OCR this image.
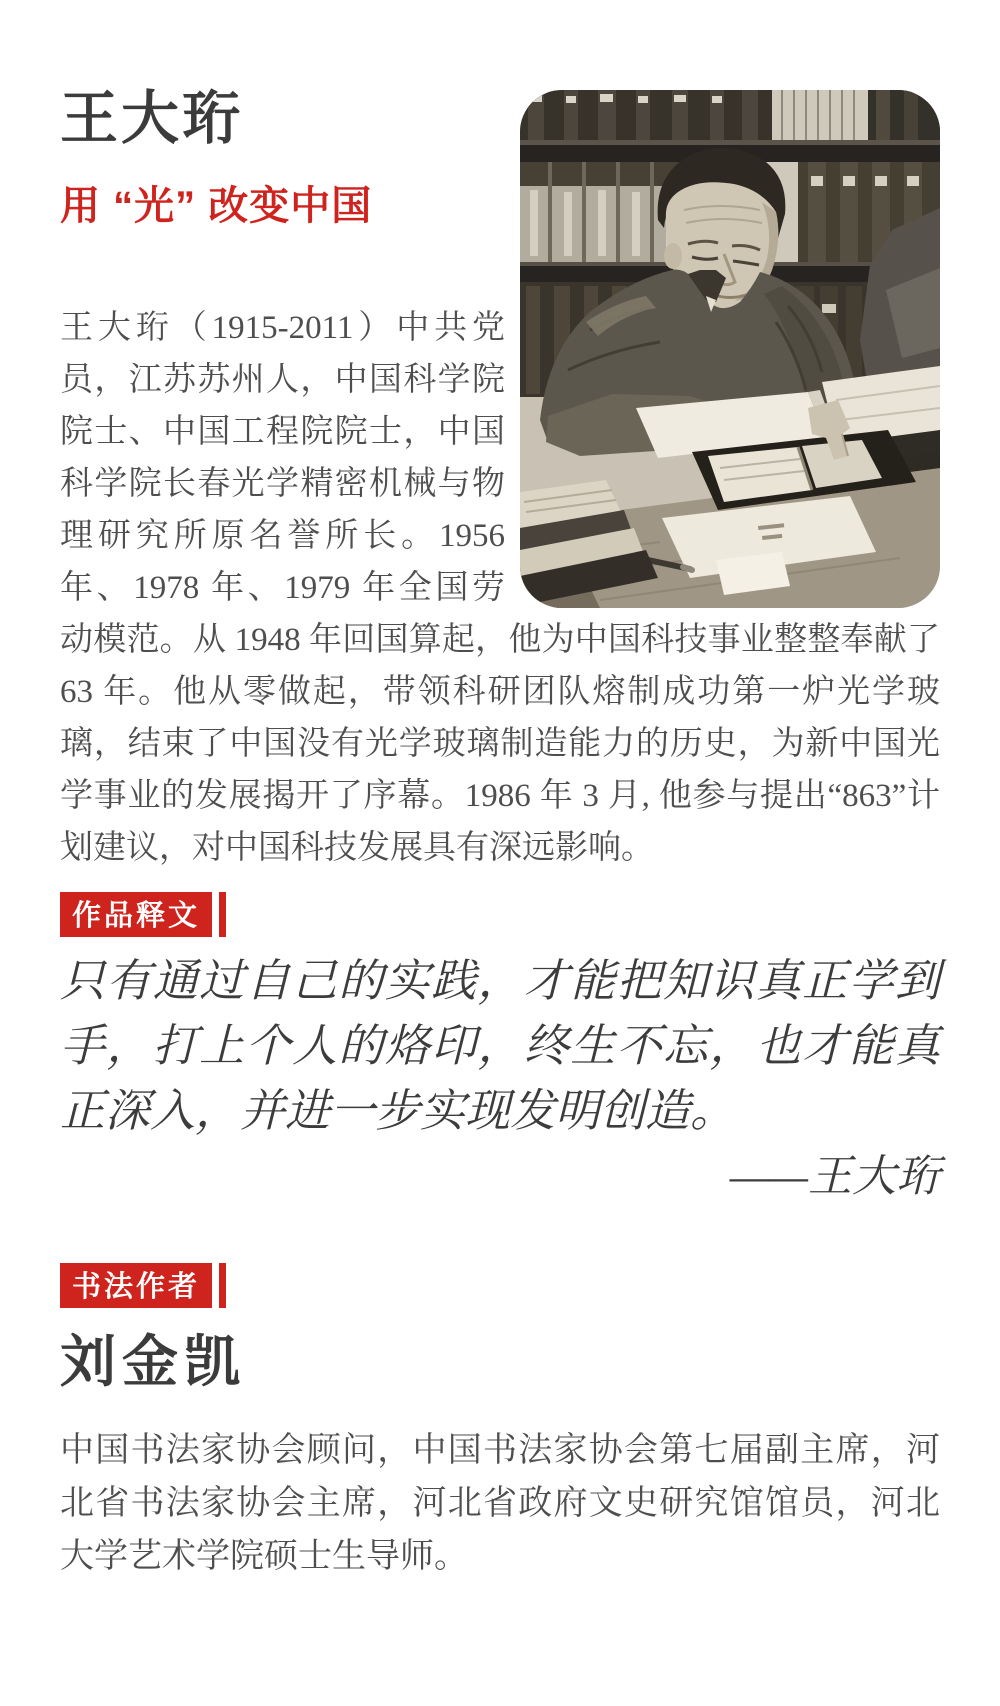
王大珩
用 “光” 改变中国

王大珩（1915-2011）中共党员，江苏苏州人，中国科学院院士、中国工程院院士，中国科学院长春光学精密机械与物理研究所原名誉所长。1956 年、1978 年、1979 年全国劳动模范。从 1948 年回国算起，他为中国科技事业整整奉献了 63 年。他从零做起，带领科研团队熔制成功第一炉光学玻璃，结束了中国没有光学玻璃制造能力的历史，为新中国光学事业的发展揭开了序幕。1986 年 3 月, 他参与提出“863”计划建议，对中国科技发展具有深远影响。

作品释文

只有通过自己的实践，才能把知识真正学到手，打上个人的烙印，终生不忘，也才能真正深入，并进一步实现发明创造。

——王大珩

书法作者
刘金凯

中国书法家协会顾问，中国书法家协会第七届副主席，河北省书法家协会主席，河北省政府文史研究馆馆员，河北大学艺术学院硕士生导师。
